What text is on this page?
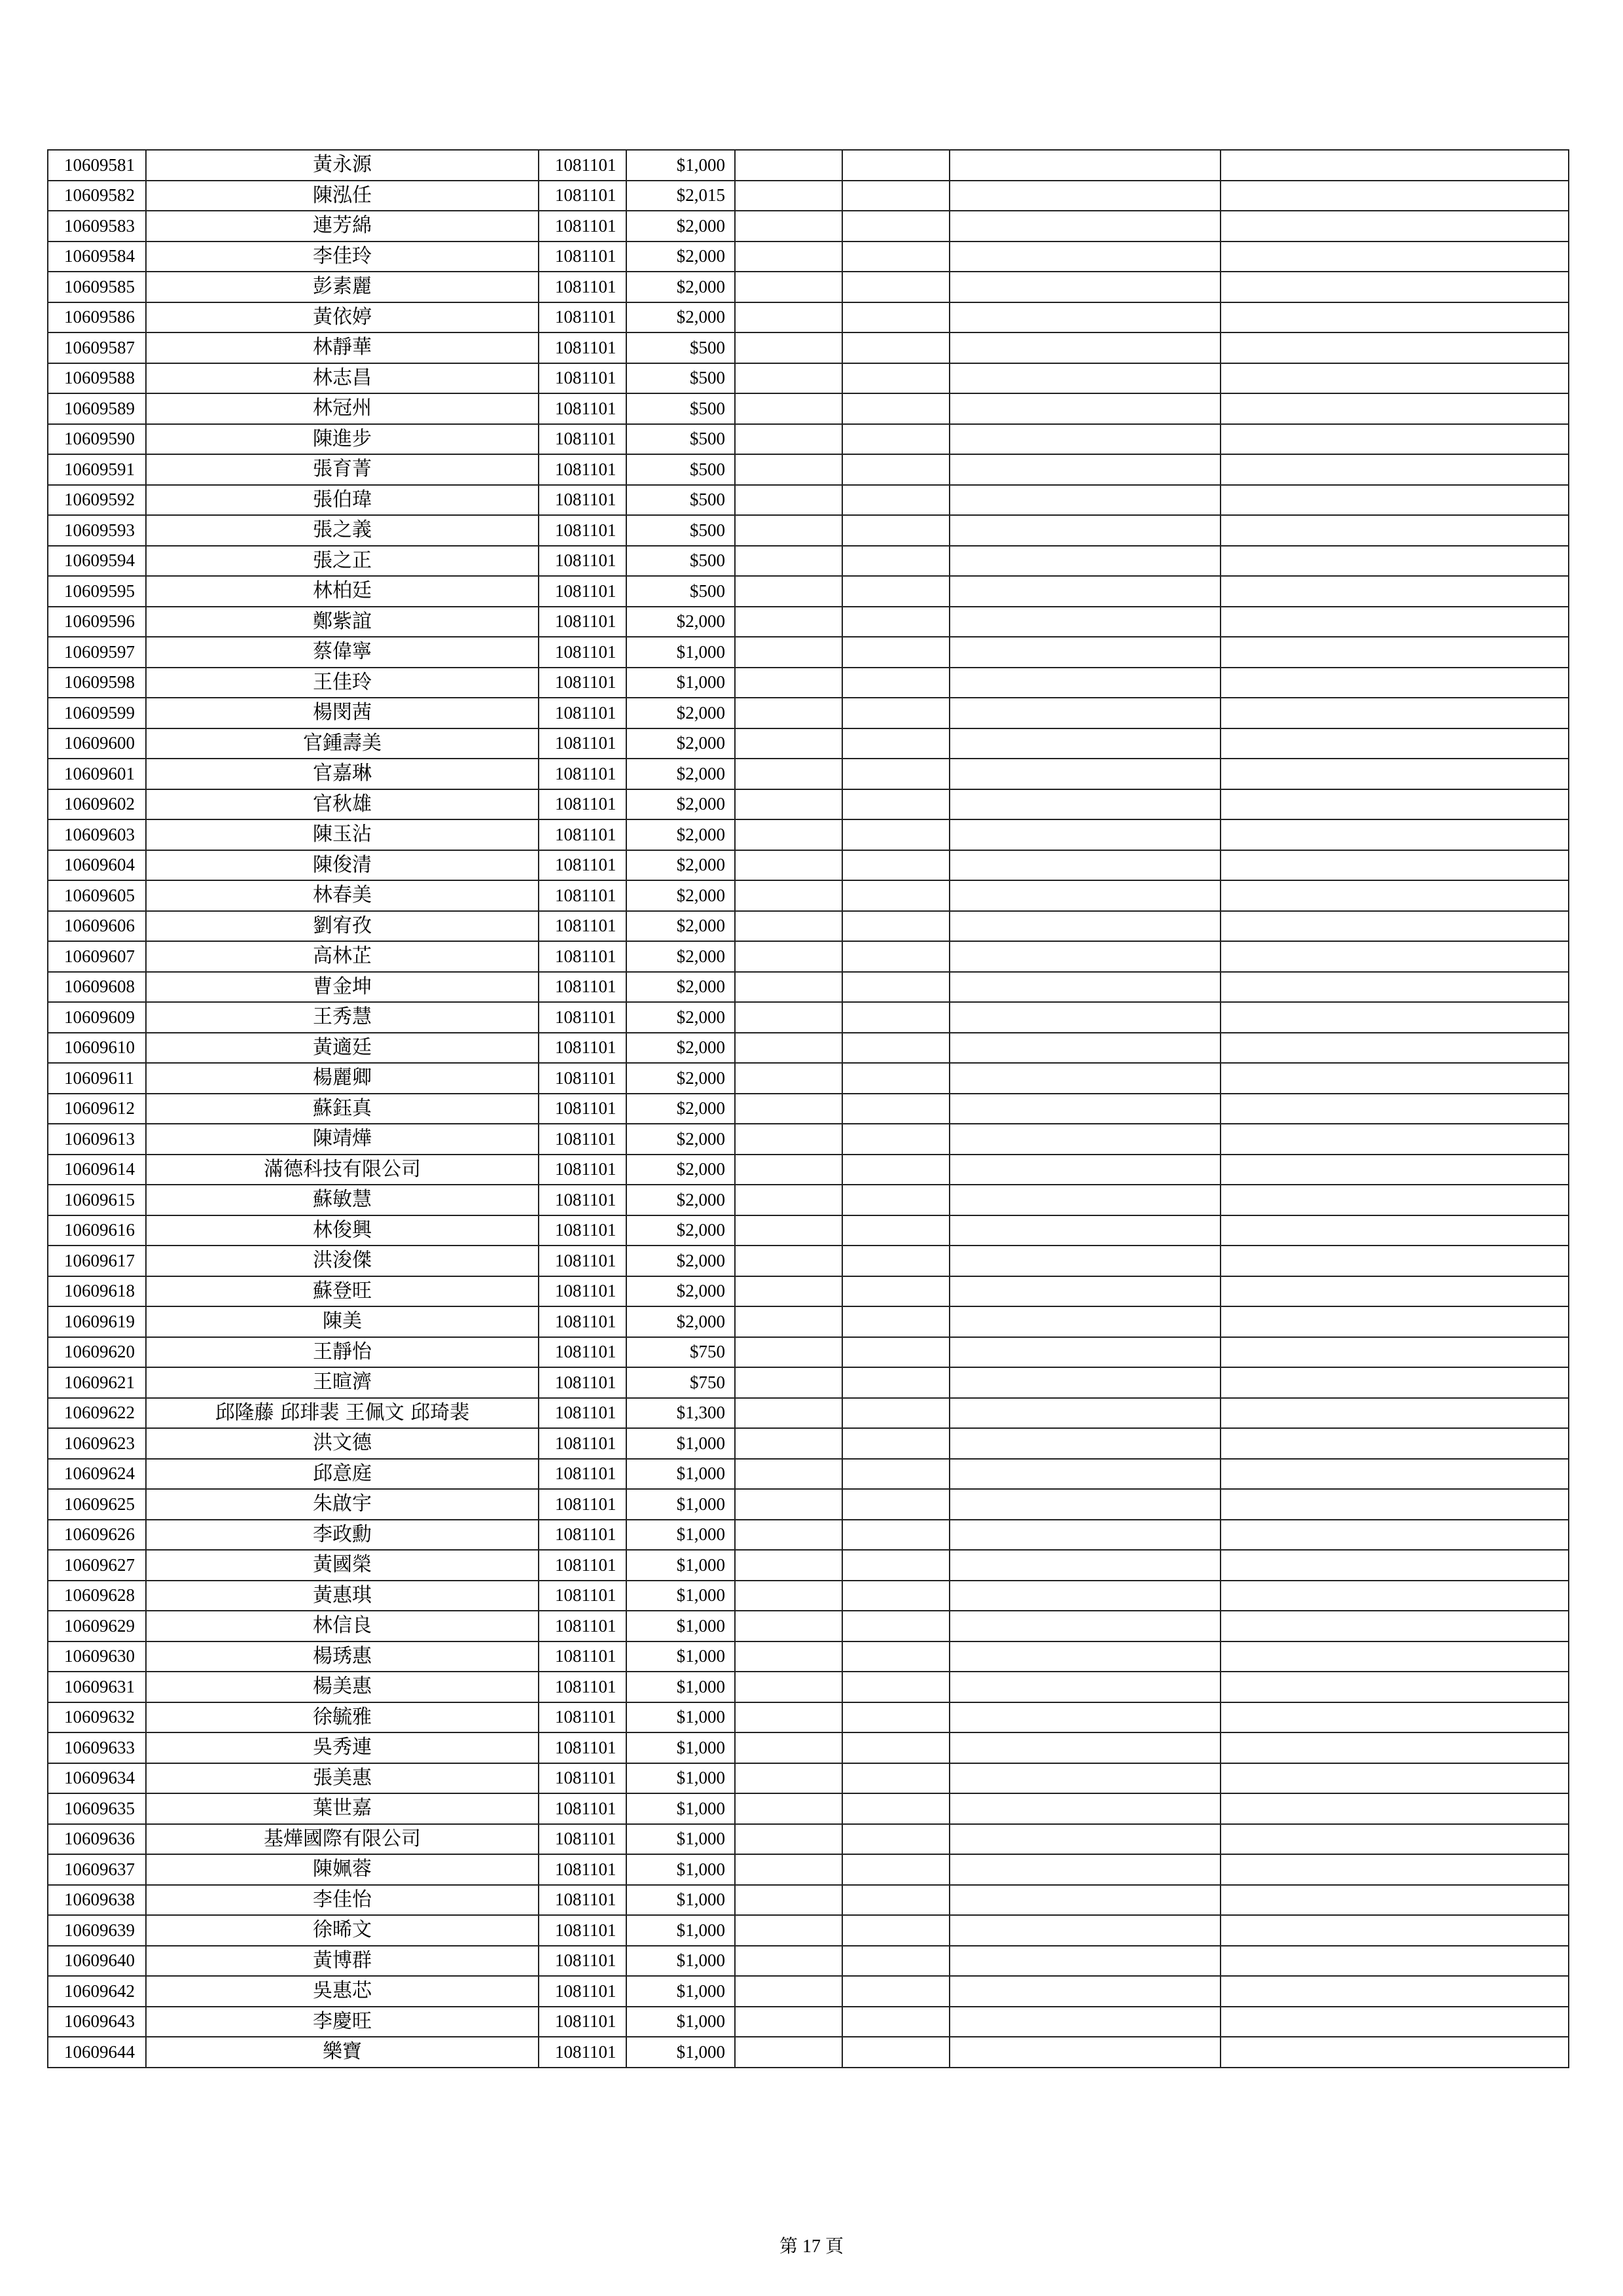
10609581	黃永源	1081101	$1,000				
10609582	陳泓任	1081101	$2,015				
10609583	連芳綿	1081101	$2,000				
10609584	李佳玲	1081101	$2,000				
10609585	彭素麗	1081101	$2,000				
10609586	黃依婷	1081101	$2,000				
10609587	林靜華	1081101	$500				
10609588	林志昌	1081101	$500				
10609589	林冠州	1081101	$500				
10609590	陳進步	1081101	$500				
10609591	張育菁	1081101	$500				
10609592	張伯瑋	1081101	$500				
10609593	張之義	1081101	$500				
10609594	張之正	1081101	$500				
10609595	林柏廷	1081101	$500				
10609596	鄭紫誼	1081101	$2,000				
10609597	蔡偉寧	1081101	$1,000				
10609598	王佳玲	1081101	$1,000				
10609599	楊閔茜	1081101	$2,000				
10609600	官鍾壽美	1081101	$2,000				
10609601	官嘉琳	1081101	$2,000				
10609602	官秋雄	1081101	$2,000				
10609603	陳玉沾	1081101	$2,000				
10609604	陳俊清	1081101	$2,000				
10609605	林春美	1081101	$2,000				
10609606	劉宥孜	1081101	$2,000				
10609607	高林芷	1081101	$2,000				
10609608	曹金坤	1081101	$2,000				
10609609	王秀慧	1081101	$2,000				
10609610	黃適廷	1081101	$2,000				
10609611	楊麗卿	1081101	$2,000				
10609612	蘇鈺真	1081101	$2,000				
10609613	陳靖燁	1081101	$2,000				
10609614	滿德科技有限公司	1081101	$2,000				
10609615	蘇敏慧	1081101	$2,000				
10609616	林俊興	1081101	$2,000				
10609617	洪浚傑	1081101	$2,000				
10609618	蘇登旺	1081101	$2,000				
10609619	陳美	1081101	$2,000				
10609620	王靜怡	1081101	$750				
10609621	王暄濟	1081101	$750				
10609622	邱隆藤 邱琲裴 王佩文 邱琦裴	1081101	$1,300				
10609623	洪文德	1081101	$1,000				
10609624	邱意庭	1081101	$1,000				
10609625	朱啟宇	1081101	$1,000				
10609626	李政勳	1081101	$1,000				
10609627	黃國榮	1081101	$1,000				
10609628	黃惠琪	1081101	$1,000				
10609629	林信良	1081101	$1,000				
10609630	楊琇惠	1081101	$1,000				
10609631	楊美惠	1081101	$1,000				
10609632	徐毓雅	1081101	$1,000				
10609633	吳秀連	1081101	$1,000				
10609634	張美惠	1081101	$1,000				
10609635	葉世嘉	1081101	$1,000				
10609636	基燁國際有限公司	1081101	$1,000				
10609637	陳姵蓉	1081101	$1,000				
10609638	李佳怡	1081101	$1,000				
10609639	徐晞文	1081101	$1,000				
10609640	黃博群	1081101	$1,000				
10609642	吳惠芯	1081101	$1,000				
10609643	李慶旺	1081101	$1,000				
10609644	樂寶	1081101	$1,000				
第 17 頁
